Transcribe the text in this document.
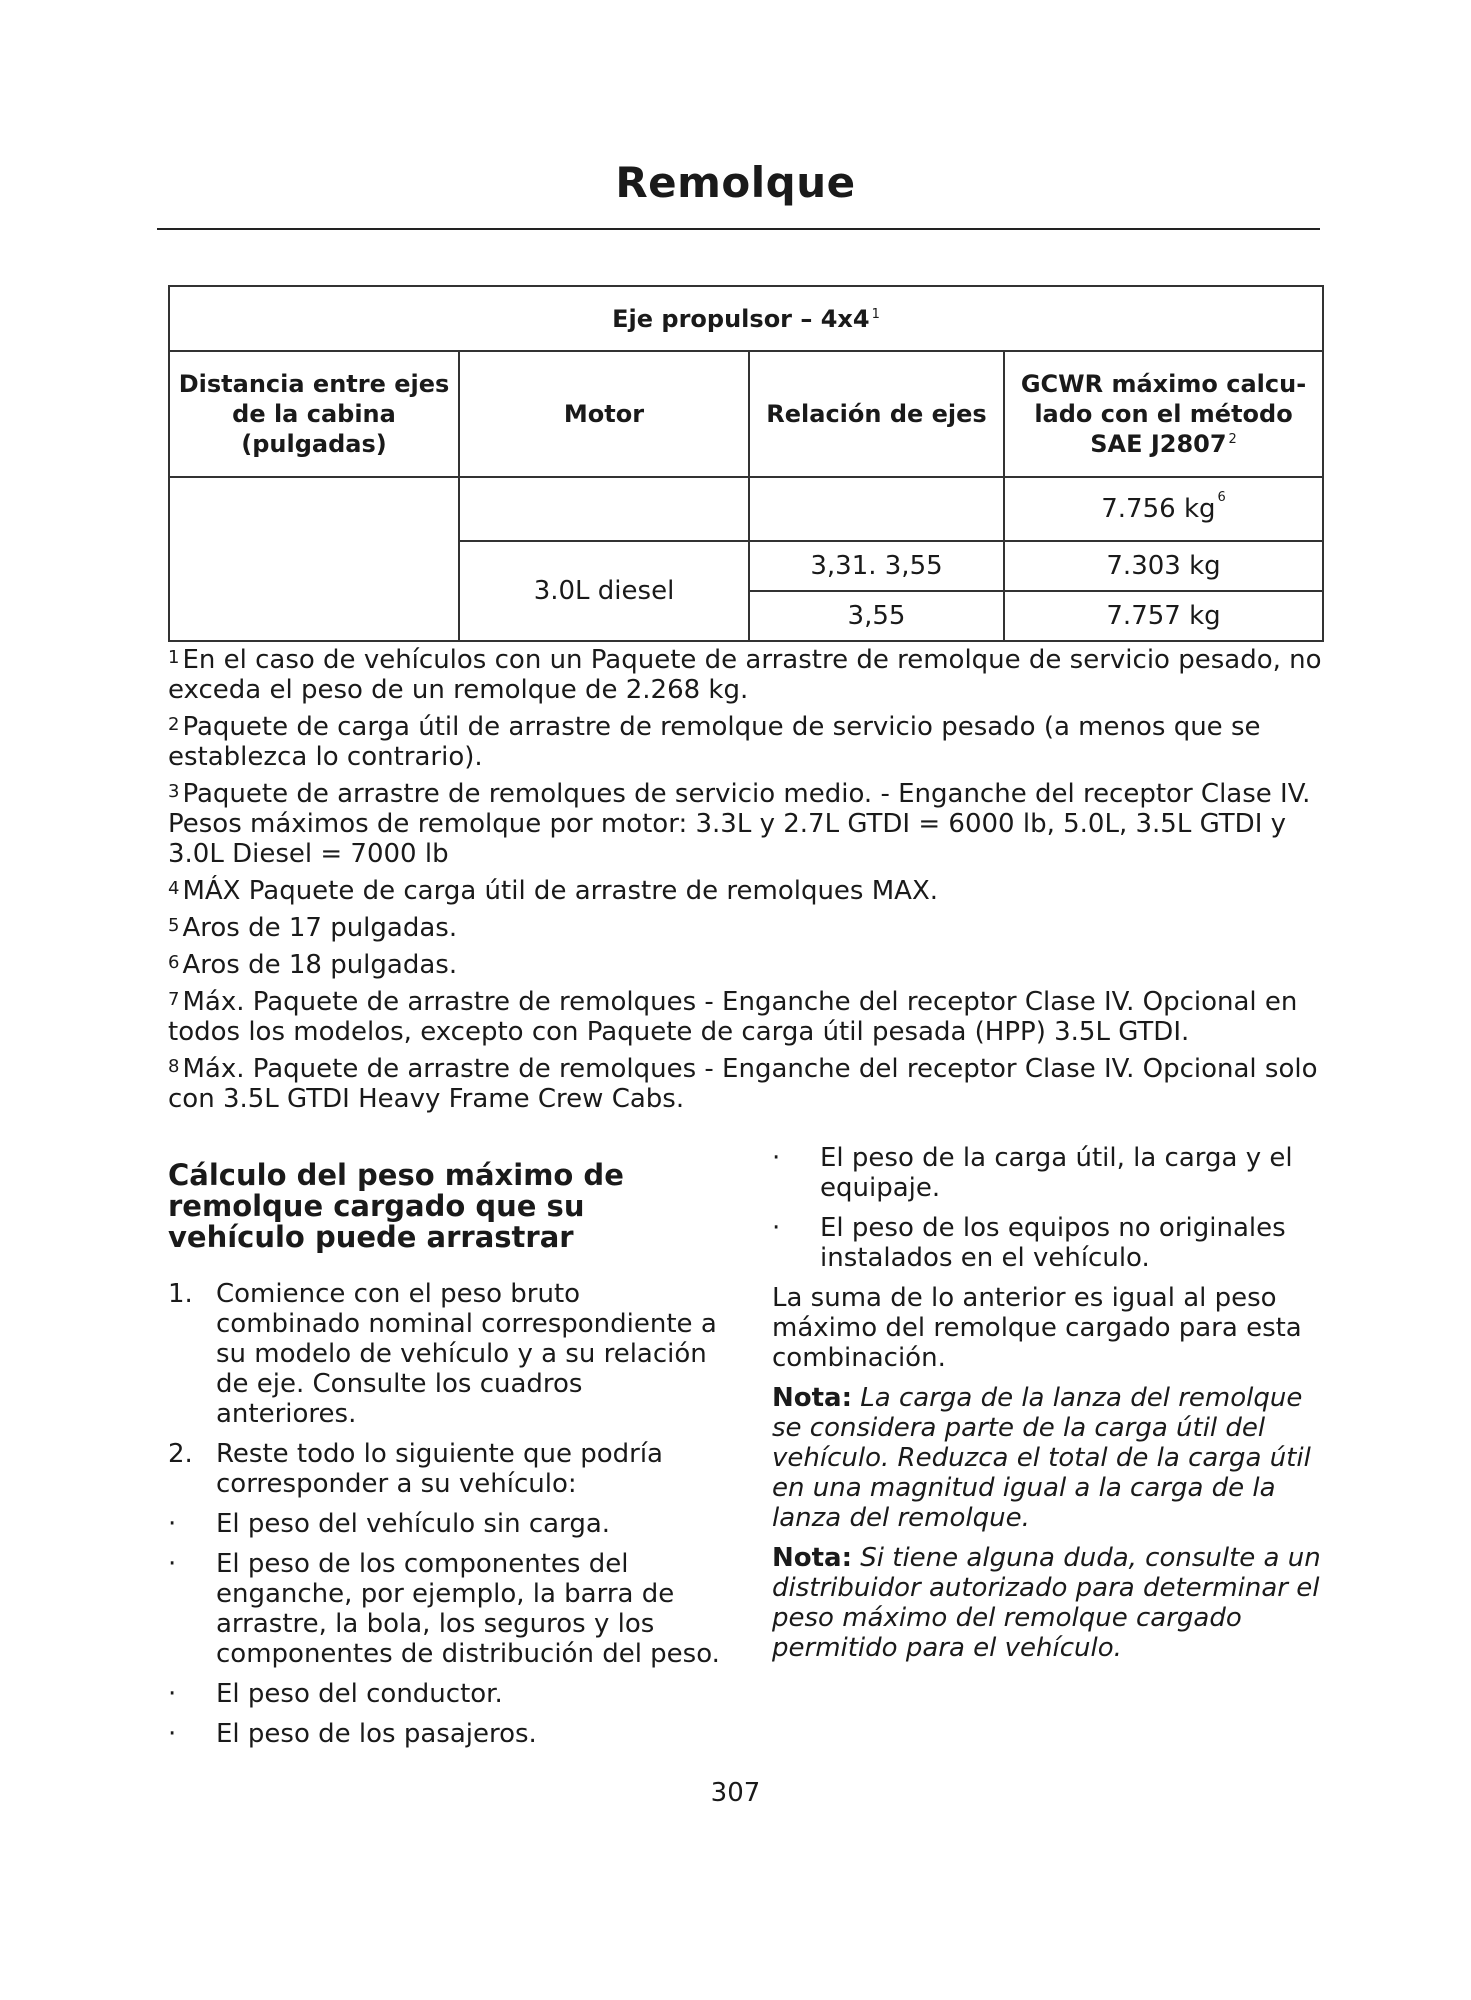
Remolque
Eje propulsor – 4x4 $^1$
Distancia entre ejes de la cabina (pulgadas)	Motor	Relación de ejes	GCWR máximo calcu-lado con el método SAE J2807 $^2$
			7.756 kg $^6$
	3.0L diesel	3,31. 3,55	7.303 kg
		3,55	7.757 kg

$^1$ En el caso de vehículos con un Paquete de arrastre de remolque de servicio pesado, no exceda el peso de un remolque de 2.268 kg.

$^2$ Paquete de carga útil de arrastre de remolque de servicio pesado (a menos que se establezca lo contrario).

$^3$ Paquete de arrastre de remolques de servicio medio. - Enganche del receptor Clase IV. Pesos máximos de remolque por motor: 3.3L y 2.7L GTDI = 6000 lb, 5.0L, 3.5L GTDI y 3.0L Diesel = 7000 lb

$^4$ MÁX Paquete de carga útil de arrastre de remolques MAX.

$^5$ Aros de 17 pulgadas.

$^6$ Aros de 18 pulgadas.

$^7$ Máx. Paquete de arrastre de remolques - Enganche del receptor Clase IV. Opcional en todos los modelos, excepto con Paquete de carga útil pesada (HPP) 3.5L GTDI.

$^8$ Máx. Paquete de arrastre de remolques - Enganche del receptor Clase IV. Opcional solo con 3.5L GTDI Heavy Frame Crew Cabs.

Cálculo del peso máximo de remolque cargado que su vehículo puede arrastrar
1. Comience con el peso bruto combinado nominal correspondiente a su modelo de vehículo y a su relación de eje. Consulte los cuadros anteriores.
2. Reste todo lo siguiente que podría corresponder a su vehículo:
· El peso del vehículo sin carga.
· El peso de los componentes del enganche, por ejemplo, la barra de arrastre, la bola, los seguros y los componentes de distribución del peso.
· El peso del conductor.
· El peso de los pasajeros.
· El peso de la carga útil, la carga y el equipaje.
· El peso de los equipos no originales instalados en el vehículo.

La suma de lo anterior es igual al peso máximo del remolque cargado para esta combinación.

Nota: La carga de la lanza del remolque se considera parte de la carga útil del vehículo. Reduzca el total de la carga útil en una magnitud igual a la carga de la lanza del remolque.

Nota: Si tiene alguna duda, consulte a un distribuidor autorizado para determinar el peso máximo del remolque cargado permitido para el vehículo.

307
